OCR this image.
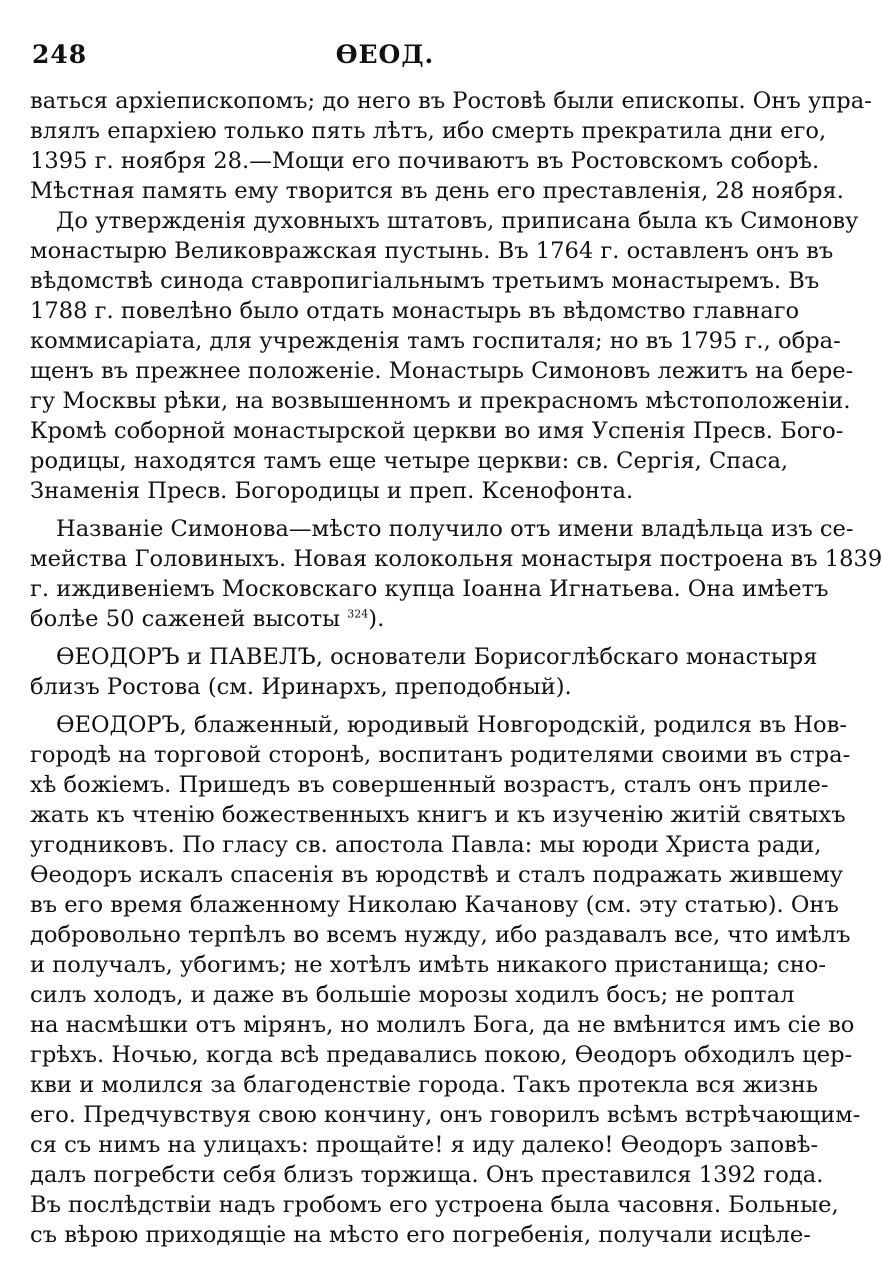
248	ӨЕОД.
ваться архіепископомъ; до него въ Ростовѣ были епископы. Онъ упра-
влялъ епархіею только пять лѣтъ, ибо смерть прекратила дни его,
1395 г. ноября 28.—Мощи его почиваютъ въ Ростовскомъ соборѣ.
Мѣстная память ему творится въ день его преставленія, 28 ноября.
До утвержденія духовныхъ штатовъ, приписана была къ Симонову
монастырю Великовражская пустынь. Въ 1764 г. оставленъ онъ въ
вѣдомствѣ синода ставропигіальнымъ третьимъ монастыремъ. Въ
1788 г. повелѣно было отдать монастырь въ вѣдомство главнаго
коммисаріата, для учрежденія тамъ госпиталя; но въ 1795 г., обра-
щенъ въ прежнее положеніе. Монастырь Симоновъ лежитъ на бере-
гу Москвы рѣки, на возвышенномъ и прекрасномъ мѣстоположеніи.
Кромѣ соборной монастырской церкви во имя Успенія Пресв. Бого-
родицы, находятся тамъ еще четыре церкви: св. Сергія, Спаса,
Знаменія Пресв. Богородицы и преп. Ксенофонта.
Названіе Симонова—мѣсто получило отъ имени владѣльца изъ се-
мейства Головиныхъ. Новая колокольня монастыря построена въ 1839
г. иждивеніемъ Московскаго купца Іоанна Игнатьева. Она имѣетъ
болѣе 50 саженей высоты $^{324}$).
ӨЕОДОРЪ и ПАВЕЛЪ, основатели Борисоглѣбскаго монастыря
близъ Ростова (см. Иринархъ, преподобный).
ӨЕОДОРЪ, блаженный, юродивый Новгородскій, родился въ Нов-
городѣ на торговой сторонѣ, воспитанъ родителями своими въ стра-
хѣ божіемъ. Пришедъ въ совершенный возрастъ, сталъ онъ приле-
жать къ чтенію божественныхъ книгъ и къ изученію житій святыхъ
угодниковъ. По гласу св. апостола Павла: мы юроди Христа ради,
Өеодоръ искалъ спасенія въ юродствѣ и сталъ подражать жившему
въ его время блаженному Николаю Качанову (см. эту статью). Онъ
добровольно терпѣлъ во всемъ нужду, ибо раздавалъ все, что имѣлъ
и получалъ, убогимъ; не хотѣлъ имѣть никакого пристанища; сно-
силъ холодъ, и даже въ большіе морозы ходилъ босъ; не роптал
на насмѣшки отъ мірянъ, но молилъ Бога, да не вмѣнится имъ сіе во
грѣхъ. Ночью, когда всѣ предавались покою, Өеодоръ обходилъ цер-
кви и молился за благоденствіе города. Такъ протекла вся жизнь
его. Предчувствуя свою кончину, онъ говорилъ всѣмъ встрѣчающим-
ся съ нимъ на улицахъ: прощайте! я иду далеко! Өеодоръ заповѣ-
далъ погребсти себя близъ торжища. Онъ преставился 1392 года.
Въ послѣдствіи надъ гробомъ его устроена была часовня. Больные,
съ вѣрою приходящіе на мѣсто его погребенія, получали исцѣле-
